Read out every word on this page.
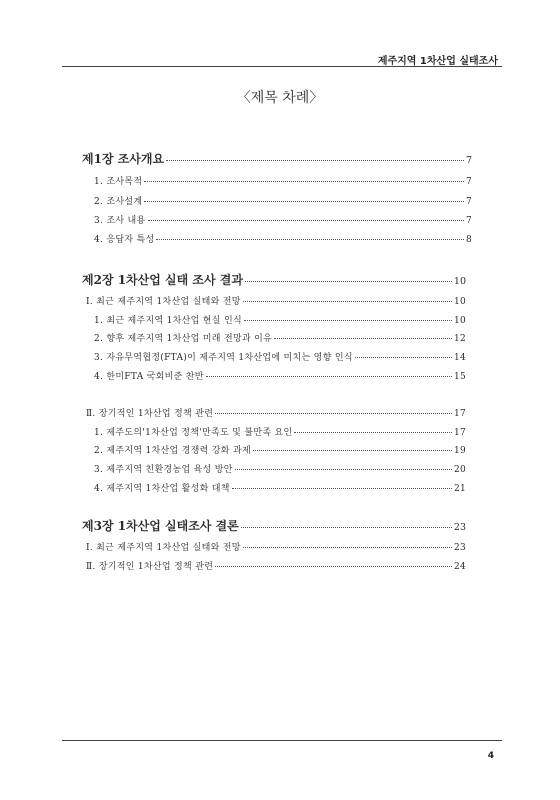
제주지역 1차산업 실태조사
〈제목 차례〉
제1장 조사개요	7
1. 조사목적	7
2. 조사설계	7
3. 조사 내용	7
4. 응답자 특성	8
제2장 1차산업 실태 조사 결과	10
Ⅰ. 최근 제주지역 1차산업 실태와 전망	10
1. 최근 제주지역 1차산업 현실 인식	10
2. 향후 제주지역 1차산업 미래 전망과 이유	12
3. 자유무역협정(FTA)이 제주지역 1차산업에 미치는 영향 인식	14
4. 한미FTA 국회비준 찬반	15
Ⅱ. 장기적인 1차산업 정책 관련	17
1. 제주도의'1차산업 정책'만족도 및 불만족 요인	17
2. 제주지역 1차산업 경쟁력 강화 과제	19
3. 제주지역 친환경농업 육성 방안	20
4. 제주지역 1차산업 활성화 대책	21
제3장 1차산업 실태조사 결론	23
Ⅰ. 최근 제주지역 1차산업 실태와 전망	23
Ⅱ. 장기적인 1차산업 정책 관련	24
4
